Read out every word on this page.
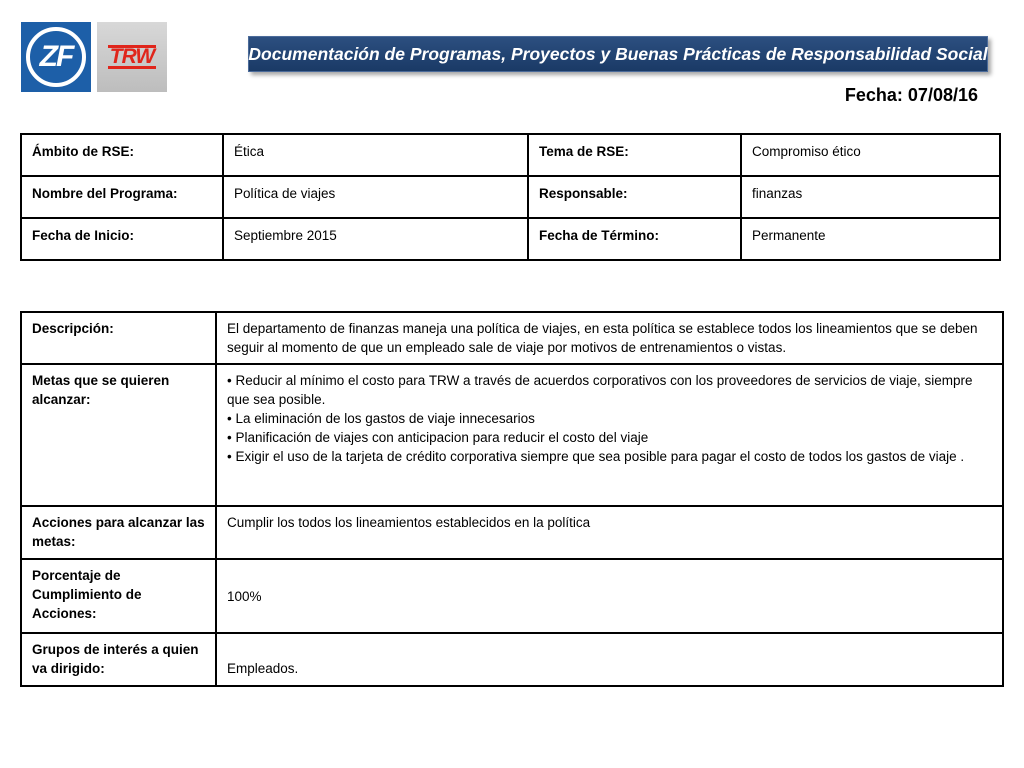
ZF	TRW	Documentación de Programas, Proyectos y Buenas Prácticas de Responsabilidad Social
Fecha: 07/08/16
Ámbito de RSE:	Ética	Tema de RSE:	Compromiso ético
Nombre del Programa:	Política de viajes	Responsable:	finanzas
Fecha de Inicio:	Septiembre 2015	Fecha de Término:	Permanente
Descripción:	El departamento de finanzas maneja una política de viajes, en esta política se establece todos los lineamientos que se deben seguir al momento de que un empleado sale de viaje por motivos de entrenamientos o vistas.
Metas que se quieren alcanzar:	• Reducir al mínimo el costo para TRW a través de acuerdos corporativos con los proveedores de servicios de viaje, siempre que sea posible.
• La eliminación de los gastos de viaje innecesarios
• Planificación de viajes con anticipacion para reducir el costo del viaje
• Exigir el uso de la tarjeta de crédito corporativa siempre que sea posible para pagar el costo de todos los gastos de viaje .

Acciones para alcanzar las metas:	Cumplir los todos los lineamientos establecidos en la política
Porcentaje de Cumplimiento de Acciones:	100%
Grupos de interés a quien va dirigido:	Empleados.
